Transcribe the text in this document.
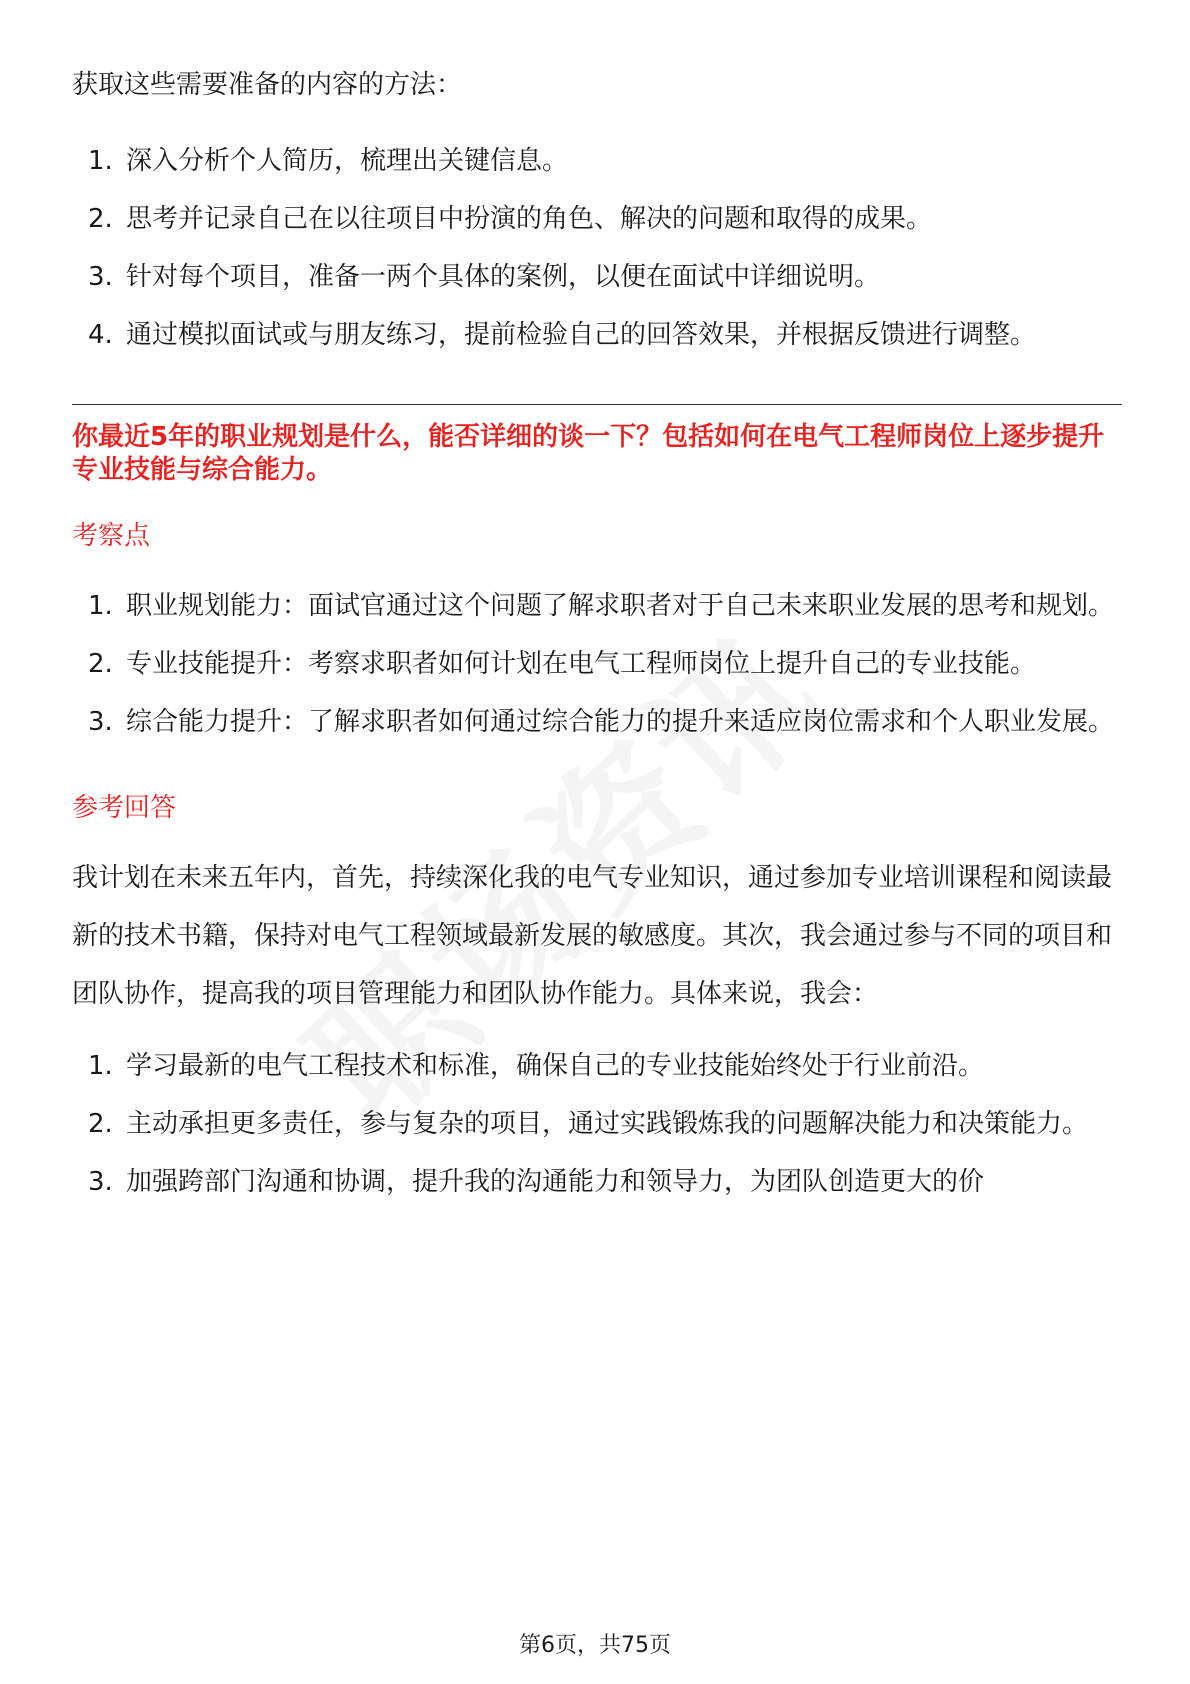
获取这些需要准备的内容的方法：

1. 深入分析个人简历，梳理出关键信息。
2. 思考并记录自己在以往项目中扮演的角色、解决的问题和取得的成果。
3. 针对每个项目，准备一两个具体的案例，以便在面试中详细说明。
4. 通过模拟面试或与朋友练习，提前检验自己的回答效果，并根据反馈进行调整。

你最近5年的职业规划是什么，能否详细的谈一下？包括如何在电气工程师岗位上逐步提升专业技能与综合能力。

考察点
1. 职业规划能力：面试官通过这个问题了解求职者对于自己未来职业发展的思考和规划。
2. 专业技能提升：考察求职者如何计划在电气工程师岗位上提升自己的专业技能。
3. 综合能力提升：了解求职者如何通过综合能力的提升来适应岗位需求和个人职业发展。
参考回答

我计划在未来五年内，首先，持续深化我的电气专业知识，通过参加专业培训课程和阅读最新的技术书籍，保持对电气工程领域最新发展的敏感度。其次，我会通过参与不同的项目和团队协作，提高我的项目管理能力和团队协作能力。具体来说，我会：

1. 学习最新的电气工程技术和标准，确保自己的专业技能始终处于行业前沿。
2. 主动承担更多责任，参与复杂的项目，通过实践锻炼我的问题解决能力和决策能力。
3. 加强跨部门沟通和协调，提升我的沟通能力和领导力，为团队创造更大的价
第6页，共75页
